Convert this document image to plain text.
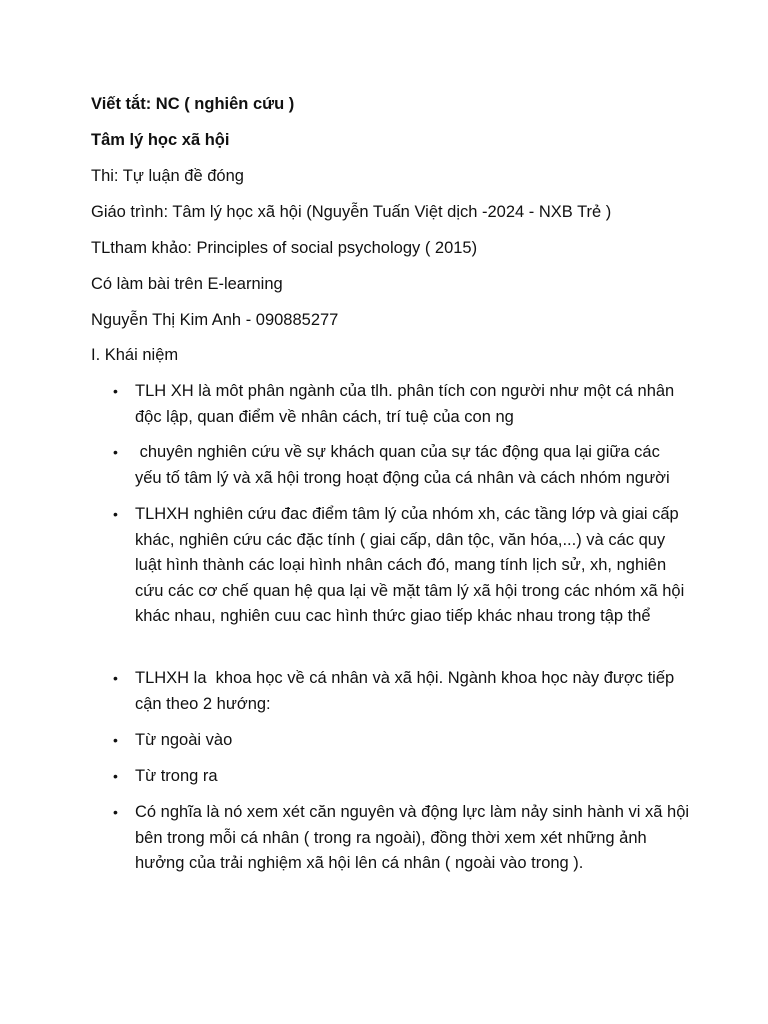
Viết tắt: NC ( nghiên cứu )

Tâm lý học xã hội

Thi: Tự luận đề đóng

Giáo trình: Tâm lý học xã hội (Nguyễn Tuấn Việt dịch -2024 - NXB Trẻ )

TLtham khảo: Principles of social psychology ( 2015)

Có làm bài trên E-learning

Nguyễn Thị Kim Anh - 090885277

I. Khái niệm

• TLH XH là môt phân ngành của tlh. phân tích con người như một cá nhân độc lập, quan điểm về nhân cách, trí tuệ của con ng
• chuyên nghiên cứu về sự khách quan của sự tác động qua lại giữa các yếu tố tâm lý và xã hội trong hoạt động của cá nhân và cách nhóm người
• TLHXH nghiên cứu đac điểm tâm lý của nhóm xh, các tầng lớp và giai cấp khác, nghiên cứu các đặc tính ( giai cấp, dân tộc, văn hóa,...) và các quy luật hình thành các loại hình nhân cách đó, mang tính lịch sử, xh, nghiên cứu các cơ chế quan hệ qua lại về mặt tâm lý xã hội trong các nhóm xã hội khác nhau, nghiên cuu cac hình thức giao tiếp khác nhau trong tập thể
• TLHXH la  khoa học về cá nhân và xã hội. Ngành khoa học này được tiếp cận theo 2 hướng:
• Từ ngoài vào
• Từ trong ra
• Có nghĩa là nó xem xét căn nguyên và động lực làm nảy sinh hành vi xã hội bên trong mỗi cá nhân ( trong ra ngoài), đồng thời xem xét những ảnh hưởng của trải nghiệm xã hội lên cá nhân ( ngoài vào trong ).
